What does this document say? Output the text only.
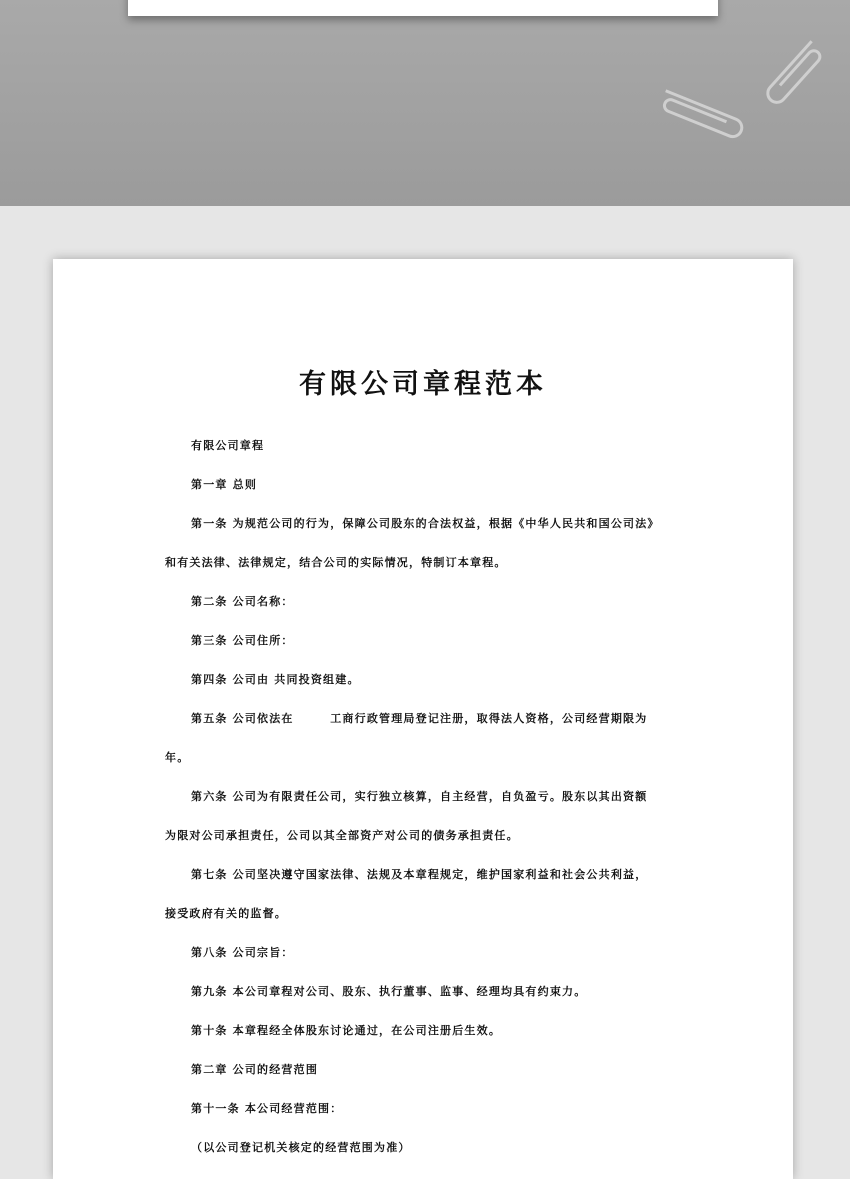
有限公司章程范本
有限公司章程
第一章 总则
第一条 为规范公司的行为，保障公司股东的合法权益，根据《中华人民共和国公司法》
和有关法律、法律规定，结合公司的实际情况，特制订本章程。
第二条 公司名称：
第三条 公司住所：
第四条 公司由 共同投资组建。
第五条 公司依法在　　　工商行政管理局登记注册，取得法人资格，公司经营期限为
年。
第六条 公司为有限责任公司，实行独立核算，自主经营，自负盈亏。股东以其出资额
为限对公司承担责任，公司以其全部资产对公司的债务承担责任。
第七条 公司坚决遵守国家法律、法规及本章程规定，维护国家利益和社会公共利益，
接受政府有关的监督。
第八条 公司宗旨：
第九条 本公司章程对公司、股东、执行董事、监事、经理均具有约束力。
第十条 本章程经全体股东讨论通过，在公司注册后生效。
第二章 公司的经营范围
第十一条 本公司经营范围：
（以公司登记机关核定的经营范围为准）
